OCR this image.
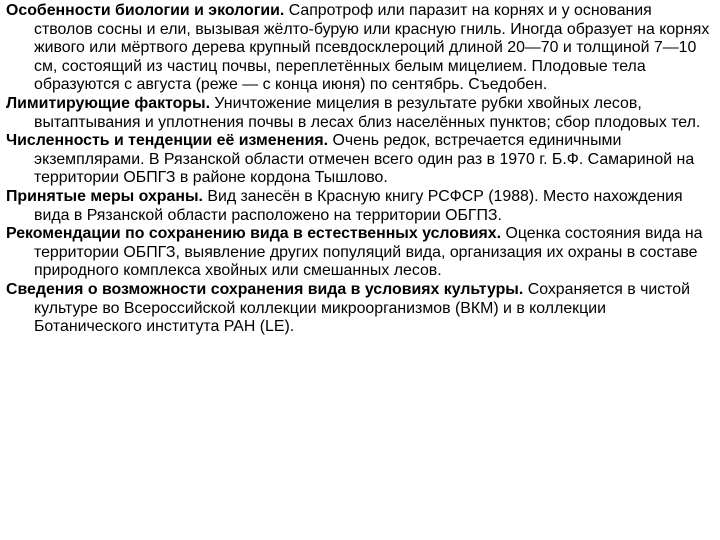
Особенности биологии и экологии. Сапротроф или паразит на корнях и у основания стволов сосны и ели, вызывая жёлто-бурую или красную гниль. Иногда образует на корнях живого или мёртвого дерева крупный псевдосклероций длиной 20—70 и толщиной 7—10 см, состоящий из частиц почвы, переплетённых белым мицелием. Плодовые тела образуются с августа (реже — с конца июня) по сентябрь. Съедобен.

Лимитирующие факторы. Уничтожение мицелия в результате рубки хвойных лесов, вытаптывания и уплотнения почвы в лесах близ населённых пунктов; сбор плодовых тел.

Численность и тенденции её изменения. Очень редок, встречается единичными экземплярами. В Рязанской области отмечен всего один раз в 1970 г. Б.Ф. Самариной на территории ОБПГЗ в районе кордона Тышлово.

Принятые меры охраны. Вид занесён в Красную книгу РСФСР (1988). Место нахождения вида в Рязанской области расположено на территории ОБГПЗ.

Рекомендации по сохранению вида в естественных условиях. Оценка состояния вида на территории ОБПГЗ, выявление других популяций вида, организация их охраны в составе природного комплекса хвойных или смешанных лесов.

Сведения о возможности сохранения вида в условиях культуры. Сохраняется в чистой культуре во Всероссийской коллекции микроорганизмов (ВКМ) и в коллекции Ботанического института РАН (LE).
